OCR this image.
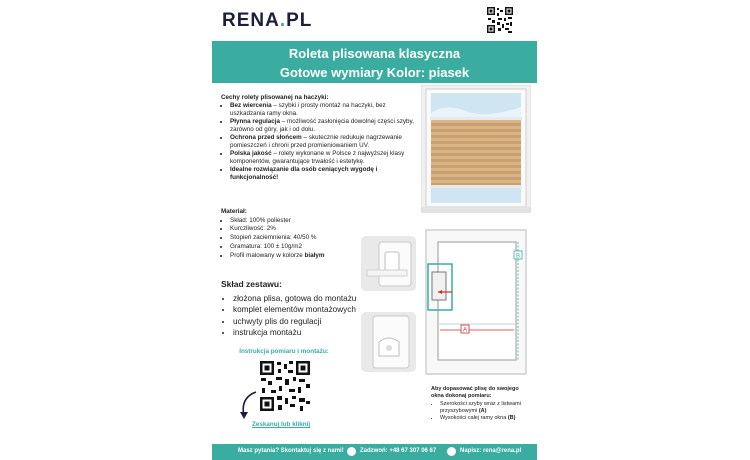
RENA.PL
Roleta plisowana klasyczna
Gotowe wymiary Kolor: piasek
Cechy rolety plisowanej na haczyki:
• Bez wiercenia – szybki i prosty montaż na haczyki, bez uszkadzania ramy okna.
• Płynna regulacja – możliwość zasłonięcia dowolnej części szyby, zarówno od góry, jak i od dołu.
• Ochrona przed słońcem – skutecznie redukuje nagrzewanie pomieszczeń i chroni przed promieniowaniem UV.
• Polska jakość – rolety wykonane w Polsce z najwyższej klasy komponentów, gwarantujące trwałość i estetykę.
• Idealne rozwiązanie dla osób ceniących wygodę i funkcjonalność!
Materiał:
• Skład: 100% poliester
• Kurczliwość: 2%
• Stopień zaciemnienia: 40/50 %
• Gramatura: 100 ± 10g/m2
• Profil malowany w kolorze białym
A
B
Skład zestawu:
• złożona plisa, gotowa do montażu
• komplet elementów montażowych
• uchwyty plis do regulacji
• instrukcja montażu
Instrukcja pomiaru i montażu:
Zeskanuj lub kliknij
Aby dopasować plisę do swojego okna dokonaj pomiaru:
• Szerokości szyby wraz z listwami przyszybowymi (A)
• Wysokości całej ramy okna (B)
Masz pytania? Skontaktuj się z nami!	Zadzwoń: +48 67 307 06 67	Napisz: rena@rena.pl
